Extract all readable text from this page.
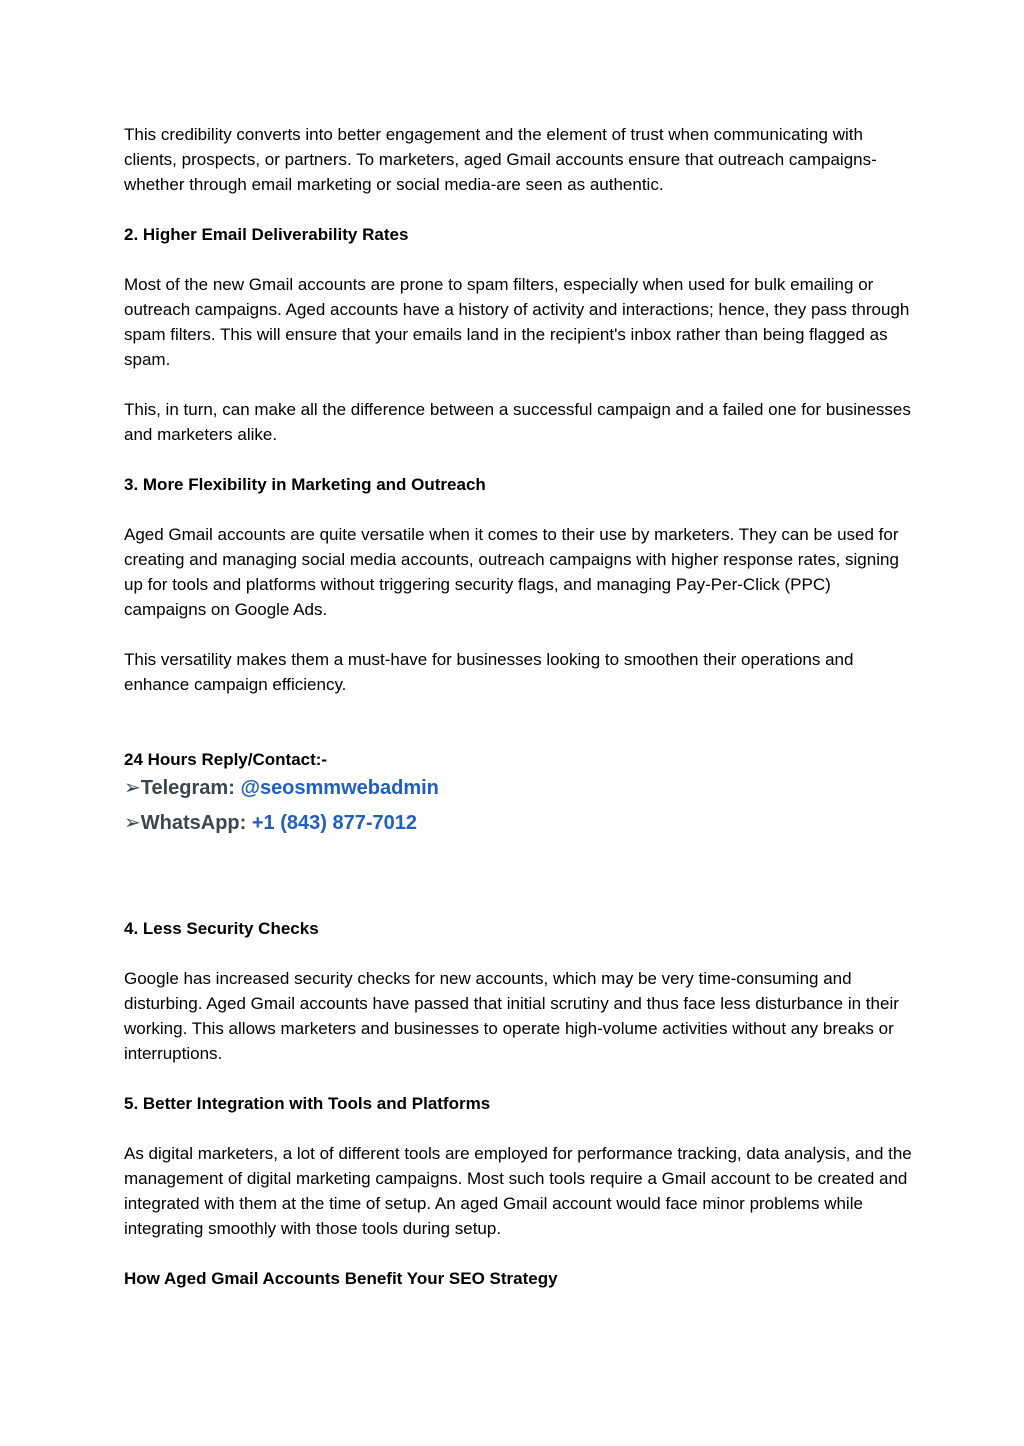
This credibility converts into better engagement and the element of trust when communicating with clients, prospects, or partners. To marketers, aged Gmail accounts ensure that outreach campaigns-whether through email marketing or social media-are seen as authentic.

2. Higher Email Deliverability Rates

Most of the new Gmail accounts are prone to spam filters, especially when used for bulk emailing or outreach campaigns. Aged accounts have a history of activity and interactions; hence, they pass through spam filters. This will ensure that your emails land in the recipient's inbox rather than being flagged as spam.

This, in turn, can make all the difference between a successful campaign and a failed one for businesses and marketers alike.

3. More Flexibility in Marketing and Outreach

Aged Gmail accounts are quite versatile when it comes to their use by marketers. They can be used for creating and managing social media accounts, outreach campaigns with higher response rates, signing up for tools and platforms without triggering security flags, and managing Pay-Per-Click (PPC) campaigns on Google Ads.

This versatility makes them a must-have for businesses looking to smoothen their operations and enhance campaign efficiency.

24 Hours Reply/Contact:-

➢Telegram: @seosmmwebadmin

➢WhatsApp: +1 (843) 877-7012

4. Less Security Checks

Google has increased security checks for new accounts, which may be very time-consuming and disturbing. Aged Gmail accounts have passed that initial scrutiny and thus face less disturbance in their working. This allows marketers and businesses to operate high-volume activities without any breaks or interruptions.

5. Better Integration with Tools and Platforms

As digital marketers, a lot of different tools are employed for performance tracking, data analysis, and the management of digital marketing campaigns. Most such tools require a Gmail account to be created and integrated with them at the time of setup. An aged Gmail account would face minor problems while integrating smoothly with those tools during setup.

How Aged Gmail Accounts Benefit Your SEO Strategy
